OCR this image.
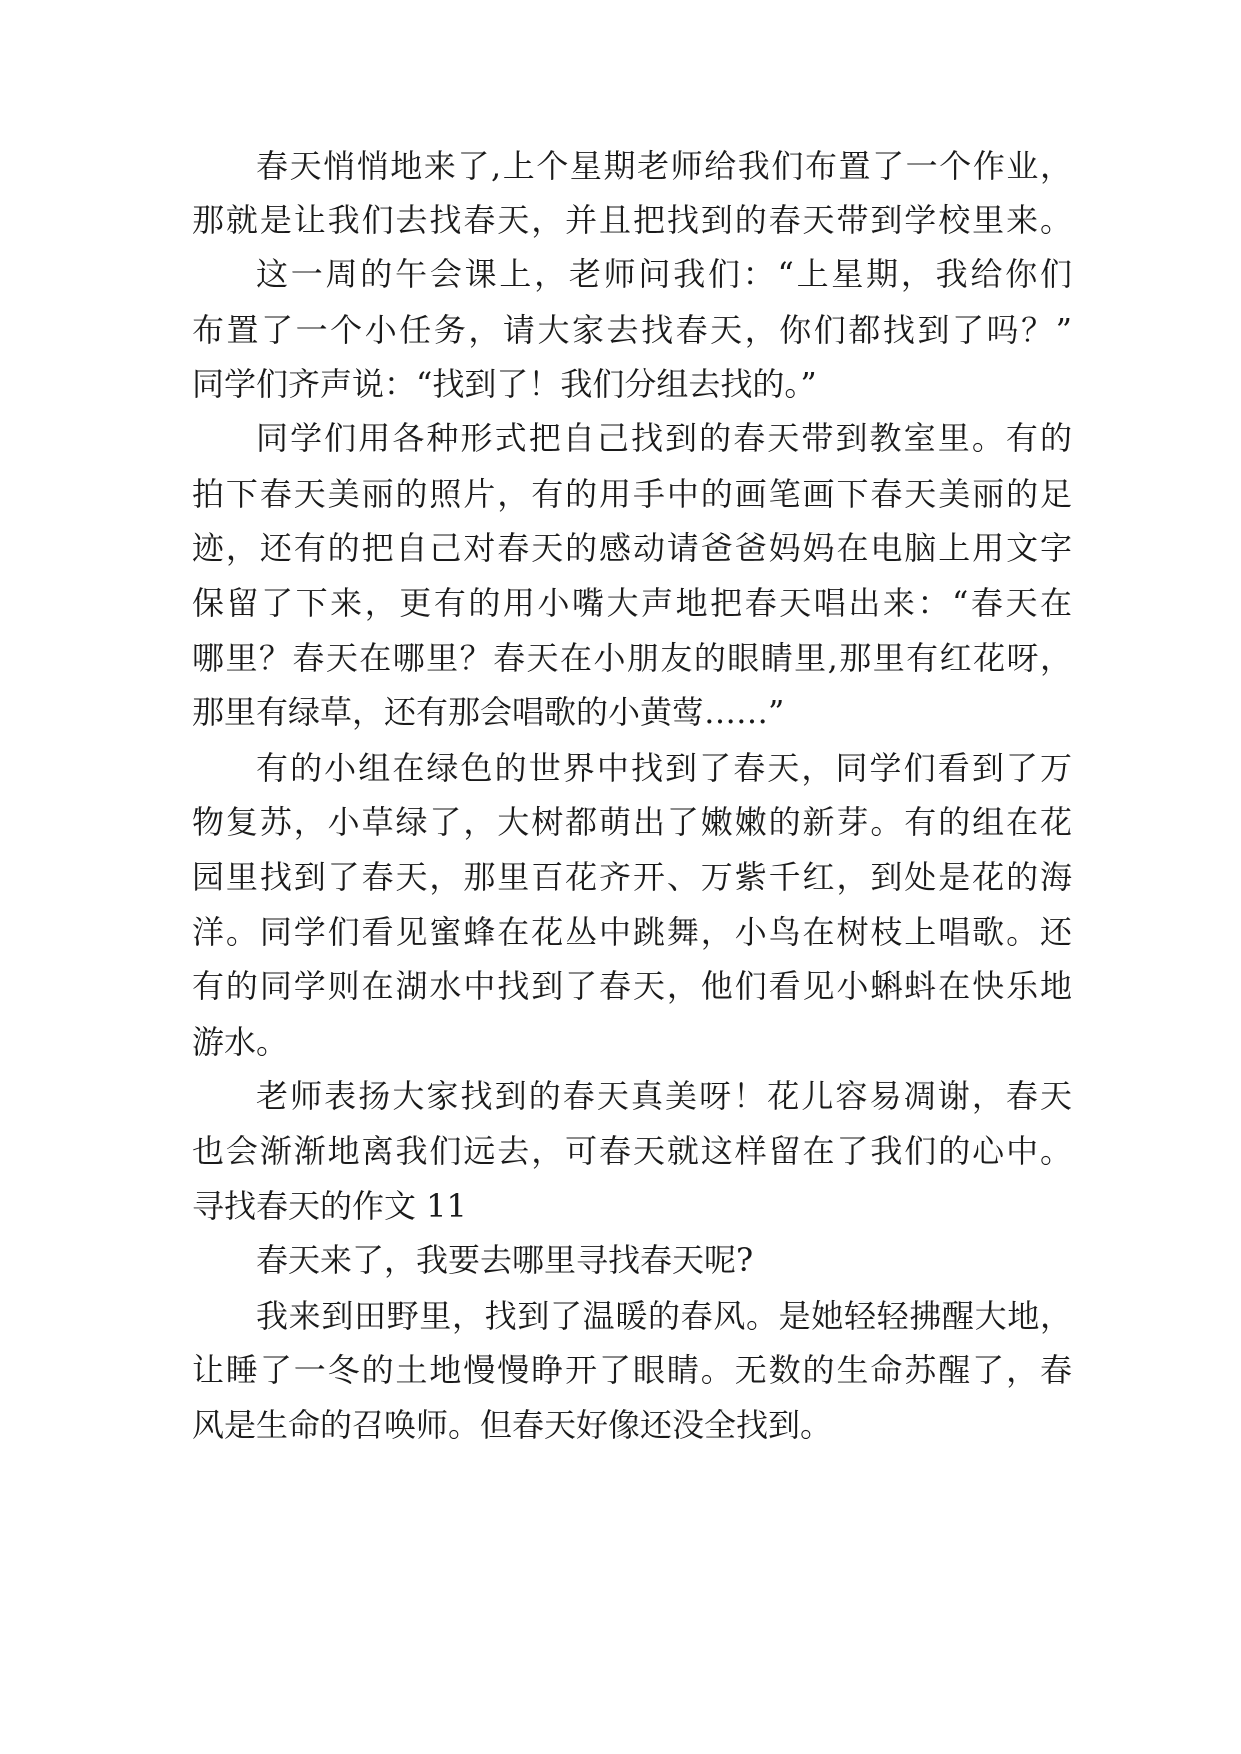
春天悄悄地来了,上个星期老师给我们布置了一个作业，
那就是让我们去找春天，并且把找到的春天带到学校里来。
这一周的午会课上，老师问我们：“上星期，我给你们
布置了一个小任务，请大家去找春天，你们都找到了吗？”
同学们齐声说：“找到了！我们分组去找的。”
同学们用各种形式把自己找到的春天带到教室里。有的
拍下春天美丽的照片，有的用手中的画笔画下春天美丽的足
迹，还有的把自己对春天的感动请爸爸妈妈在电脑上用文字
保留了下来，更有的用小嘴大声地把春天唱出来：“春天在
哪里？春天在哪里？春天在小朋友的眼睛里,那里有红花呀，
那里有绿草，还有那会唱歌的小黄莺……”
有的小组在绿色的世界中找到了春天，同学们看到了万
物复苏，小草绿了，大树都萌出了嫩嫩的新芽。有的组在花
园里找到了春天，那里百花齐开、万紫千红，到处是花的海
洋。同学们看见蜜蜂在花丛中跳舞，小鸟在树枝上唱歌。还
有的同学则在湖水中找到了春天，他们看见小蝌蚪在快乐地
游水。
老师表扬大家找到的春天真美呀！花儿容易凋谢，春天
也会渐渐地离我们远去，可春天就这样留在了我们的心中。
寻找春天的作文 11
春天来了，我要去哪里寻找春天呢?
我来到田野里，找到了温暖的春风。是她轻轻拂醒大地，
让睡了一冬的土地慢慢睁开了眼睛。无数的生命苏醒了，春
风是生命的召唤师。但春天好像还没全找到。
